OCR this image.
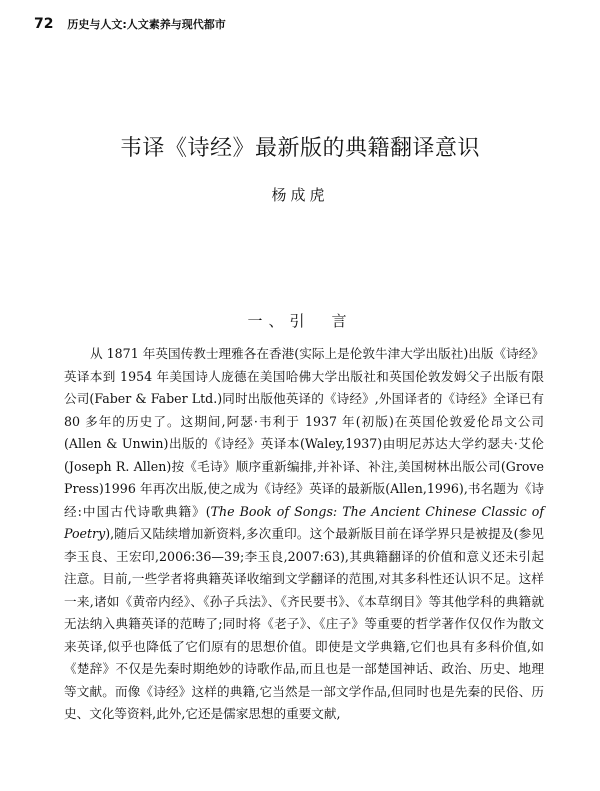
72 历史与人文:人文素养与现代都市
韦译《诗经》最新版的典籍翻译意识
杨成虎
一、引　言

从 1871 年英国传教士理雅各在香港(实际上是伦敦牛津大学出版社)出版《诗经》英译本到 1954 年美国诗人庞德在美国哈佛大学出版社和英国伦敦发姆父子出版有限公司(Faber & Faber Ltd.)同时出版他英译的《诗经》,外国译者的《诗经》全译已有 80 多年的历史了。这期间,阿瑟·韦利于 1937 年(初版)在英国伦敦爱伦昂文公司(Allen & Unwin)出版的《诗经》英译本(Waley,1937)由明尼苏达大学约瑟夫·艾伦(Joseph R. Allen)按《毛诗》顺序重新编排,并补译、补注,美国树林出版公司(Grove Press)1996 年再次出版,使之成为《诗经》英译的最新版(Allen,1996),书名题为《诗经:中国古代诗歌典籍》(The Book of Songs: The Ancient Chinese Classic of Poetry),随后又陆续增加新资料,多次重印。这个最新版目前在译学界只是被提及(参见李玉良、王宏印,2006:36—39;李玉良,2007:63),其典籍翻译的价值和意义还未引起注意。目前,一些学者将典籍英译收缩到文学翻译的范围,对其多科性还认识不足。这样一来,诸如《黄帝内经》、《孙子兵法》、《齐民要书》、《本草纲目》等其他学科的典籍就无法纳入典籍英译的范畴了;同时将《老子》、《庄子》等重要的哲学著作仅仅作为散文来英译,似乎也降低了它们原有的思想价值。即使是文学典籍,它们也具有多科价值,如《楚辞》不仅是先秦时期绝妙的诗歌作品,而且也是一部楚国神话、政治、历史、地理等文献。而像《诗经》这样的典籍,它当然是一部文学作品,但同时也是先秦的民俗、历史、文化等资料,此外,它还是儒家思想的重要文献,
